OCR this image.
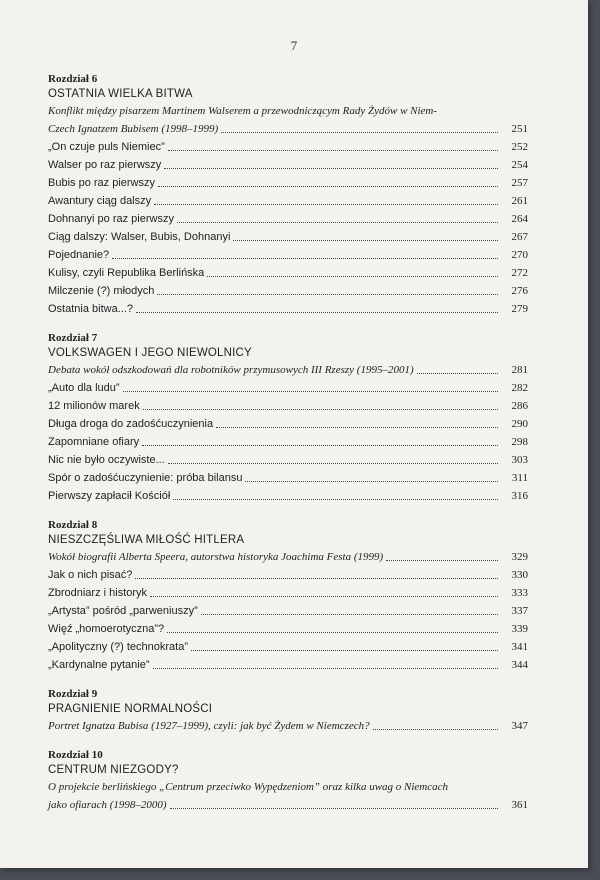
7
Rozdział 6
OSTATNIA WIELKA BITWA
Konflikt między pisarzem Martinem Walserem a przewodniczącym Rady Żydów w Niem-
Czech Ignatzem Bubisem (1998–1999)	251
„On czuje puls Niemiec”	252
Walser po raz pierwszy	254
Bubis po raz pierwszy	257
Awantury ciąg dalszy	261
Dohnanyi po raz pierwszy	264
Ciąg dalszy: Walser, Bubis, Dohnanyi	267
Pojednanie?	270
Kulisy, czyli Republika Berlińska	272
Milczenie (?) młodych	276
Ostatnia bitwa...?	279
Rozdział 7
VOLKSWAGEN I JEGO NIEWOLNICY
Debata wokół odszkodowań dla robotników przymusowych III Rzeszy (1995–2001)	281
„Auto dla ludu”	282
12 milionów marek	286
Długa droga do zadośćuczynienia	290
Zapomniane ofiary	298
Nic nie było oczywiste...	303
Spór o zadośćuczynienie: próba bilansu	311
Pierwszy zapłacił Kościół	316
Rozdział 8
NIESZCZĘŚLIWA MIŁOŚĆ HITLERA
Wokół biografii Alberta Speera, autorstwa historyka Joachima Festa (1999)	329
Jak o nich pisać?	330
Zbrodniarz i historyk	333
„Artysta” pośród „parweniuszy”	337
Więź „homoerotyczna”?	339
„Apolityczny (?) technokrata”	341
„Kardynalne pytanie”	344
Rozdział 9
PRAGNIENIE NORMALNOŚCI
Portret Ignatza Bubisa (1927–1999), czyli: jak być Żydem w Niemczech?	347
Rozdział 10
CENTRUM NIEZGODY?
O projekcie berlińskiego „Centrum przeciwko Wypędzeniom” oraz kilka uwag o Niemcach
jako ofiarach (1998–2000)	361
